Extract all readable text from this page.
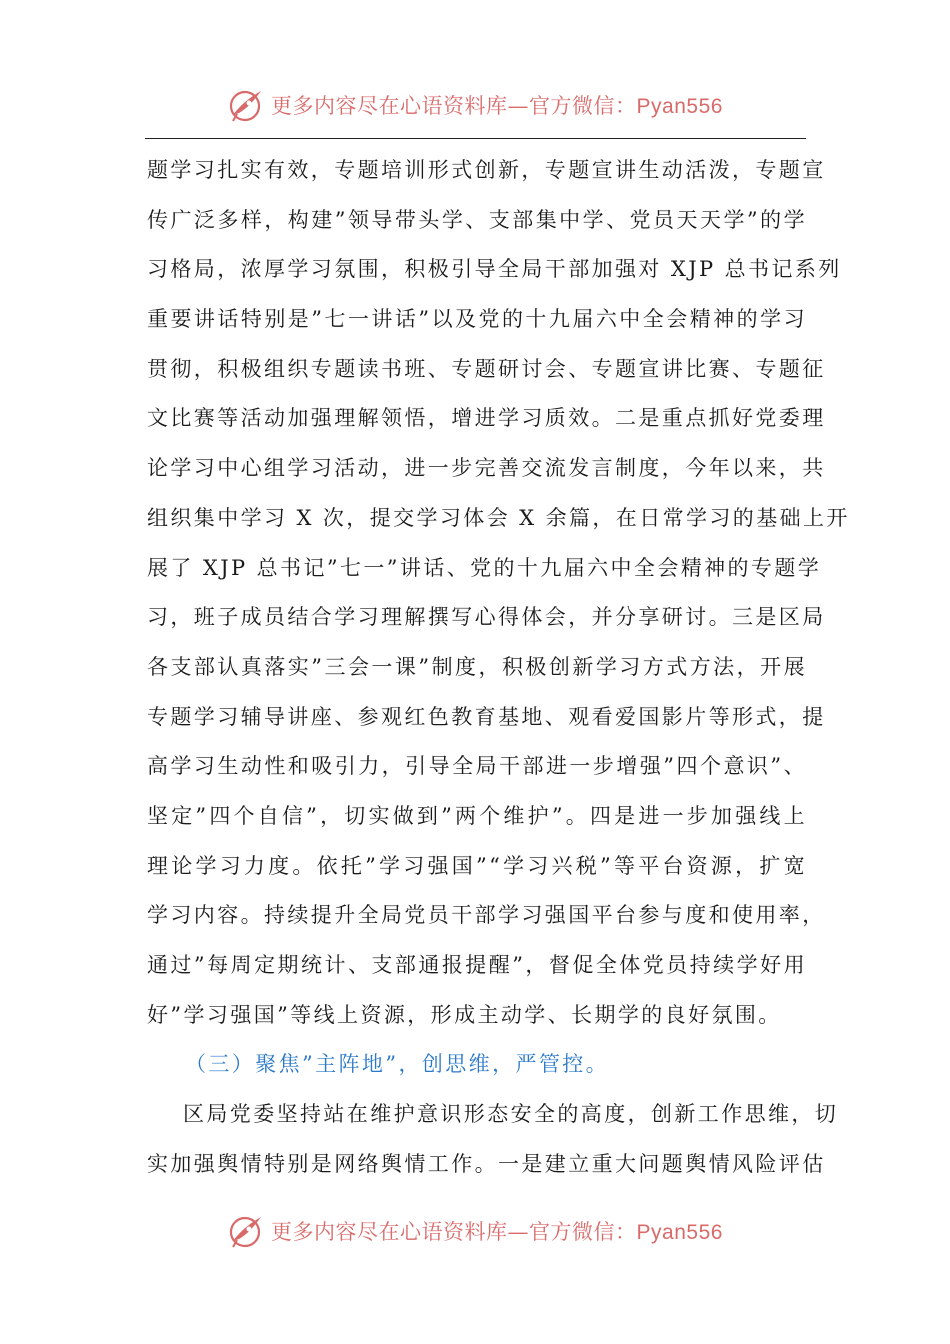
更多内容尽在心语资料库—官方微信：Pyan556
题学习扎实有效，专题培训形式创新，专题宣讲生动活泼，专题宣
传广泛多样，构建”领导带头学、支部集中学、党员天天学”的学
习格局，浓厚学习氛围，积极引导全局干部加强对 XJP 总书记系列
重要讲话特别是”七一讲话”以及党的十九届六中全会精神的学习
贯彻，积极组织专题读书班、专题研讨会、专题宣讲比赛、专题征
文比赛等活动加强理解领悟，增进学习质效。二是重点抓好党委理
论学习中心组学习活动，进一步完善交流发言制度，今年以来，共
组织集中学习 X 次，提交学习体会 X 余篇，在日常学习的基础上开
展了 XJP 总书记”七一”讲话、党的十九届六中全会精神的专题学
习，班子成员结合学习理解撰写心得体会，并分享研讨。三是区局
各支部认真落实”三会一课”制度，积极创新学习方式方法，开展
专题学习辅导讲座、参观红色教育基地、观看爱国影片等形式，提
高学习生动性和吸引力，引导全局干部进一步增强”四个意识”、
坚定”四个自信”，切实做到”两个维护”。四是进一步加强线上
理论学习力度。依托”学习强国”“学习兴税”等平台资源，扩宽
学习内容。持续提升全局党员干部学习强国平台参与度和使用率，
通过”每周定期统计、支部通报提醒”，督促全体党员持续学好用
好”学习强国”等线上资源，形成主动学、长期学的良好氛围。
（三）聚焦”主阵地”，创思维，严管控。
区局党委坚持站在维护意识形态安全的高度，创新工作思维，切
实加强舆情特别是网络舆情工作。一是建立重大问题舆情风险评估
更多内容尽在心语资料库—官方微信：Pyan556
